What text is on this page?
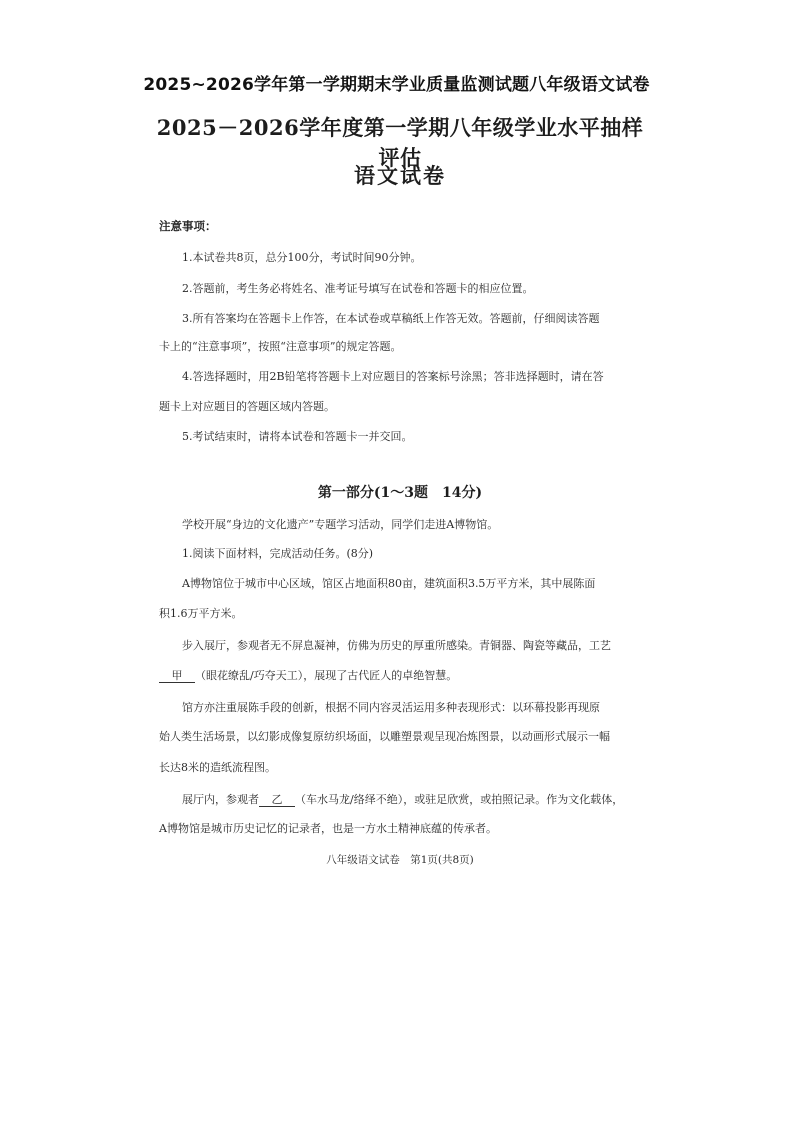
2025~2026学年第一学期期末学业质量监测试题八年级语文试卷
2025－2026学年度第一学期八年级学业水平抽样评估
语文试卷
注意事项：
1.本试卷共8页，总分100分，考试时间90分钟。
2.答题前，考生务必将姓名、准考证号填写在试卷和答题卡的相应位置。
3.所有答案均在答题卡上作答，在本试卷或草稿纸上作答无效。答题前，仔细阅读答题
卡上的“注意事项”，按照“注意事项”的规定答题。
4.答选择题时，用2B铅笔将答题卡上对应题目的答案标号涂黑；答非选择题时，请在答
题卡上对应题目的答题区域内答题。
5.考试结束时，请将本试卷和答题卡一并交回。
第一部分(1～3题　14分)
学校开展“身边的文化遗产”专题学习活动，同学们走进A博物馆。
1.阅读下面材料，完成活动任务。(8分)
A博物馆位于城市中心区域，馆区占地面积80亩，建筑面积3.5万平方米，其中展陈面
积1.6万平方米。
步入展厅，参观者无不屏息凝神，仿佛为历史的厚重所感染。青铜器、陶瓷等藏品，工艺
甲 （眼花缭乱/巧夺天工），展现了古代匠人的卓绝智慧。
馆方亦注重展陈手段的创新，根据不同内容灵活运用多种表现形式：以环幕投影再现原
始人类生活场景，以幻影成像复原纺织场面，以雕塑景观呈现冶炼图景，以动画形式展示一幅
长达8米的造纸流程图。
展厅内，参观者 乙 （车水马龙/络绎不绝），或驻足欣赏，或拍照记录。作为文化载体，
A博物馆是城市历史记忆的记录者，也是一方水土精神底蕴的传承者。
八年级语文试卷　第1页(共8页)
